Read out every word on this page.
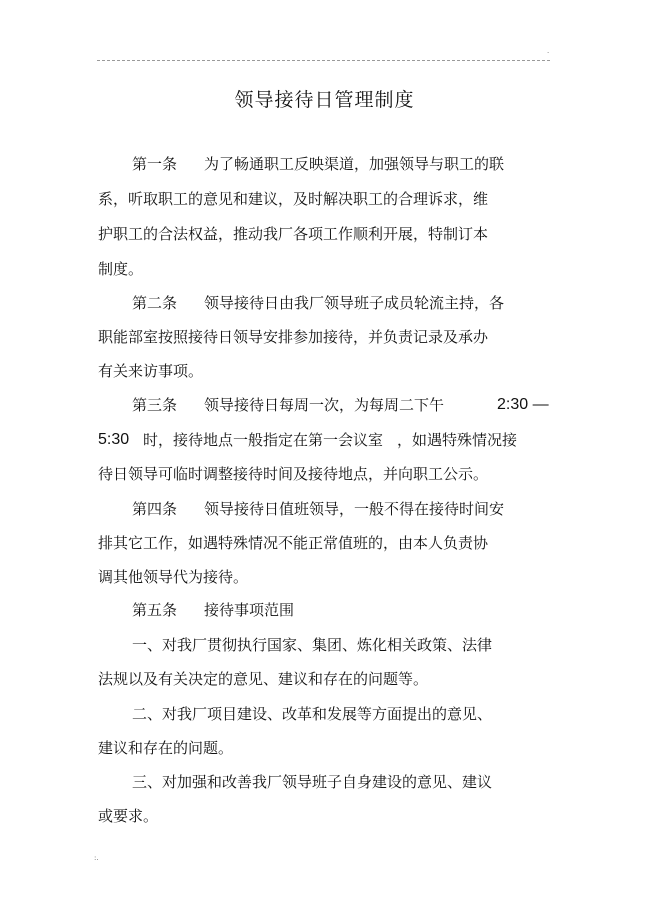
.
领导接待日管理制度
第一条 为了畅通职工反映渠道，加强领导与职工的联
系，听取职工的意见和建议，及时解决职工的合理诉求，维
护职工的合法权益，推动我厂各项工作顺利开展，特制订本
制度。
第二条 领导接待日由我厂领导班子成员轮流主持，各
职能部室按照接待日领导安排参加接待，并负责记录及承办
有关来访事项。
第三条 领导接待日每周一次，为每周二下午	2:30 —
5:30 时，接待地点一般指定在第一会议室 ，如遇特殊情况接
待日领导可临时调整接待时间及接待地点，并向职工公示。
第四条 领导接待日值班领导，一般不得在接待时间安
排其它工作，如遇特殊情况不能正常值班的，由本人负责协
调其他领导代为接待。
第五条 接待事项范围
一、对我厂贯彻执行国家、集团、炼化相关政策、法律
法规以及有关决定的意见、建议和存在的问题等。
二、对我厂项目建设、改革和发展等方面提出的意见、
建议和存在的问题。
三、对加强和改善我厂领导班子自身建设的意见、建议
或要求。
:.
